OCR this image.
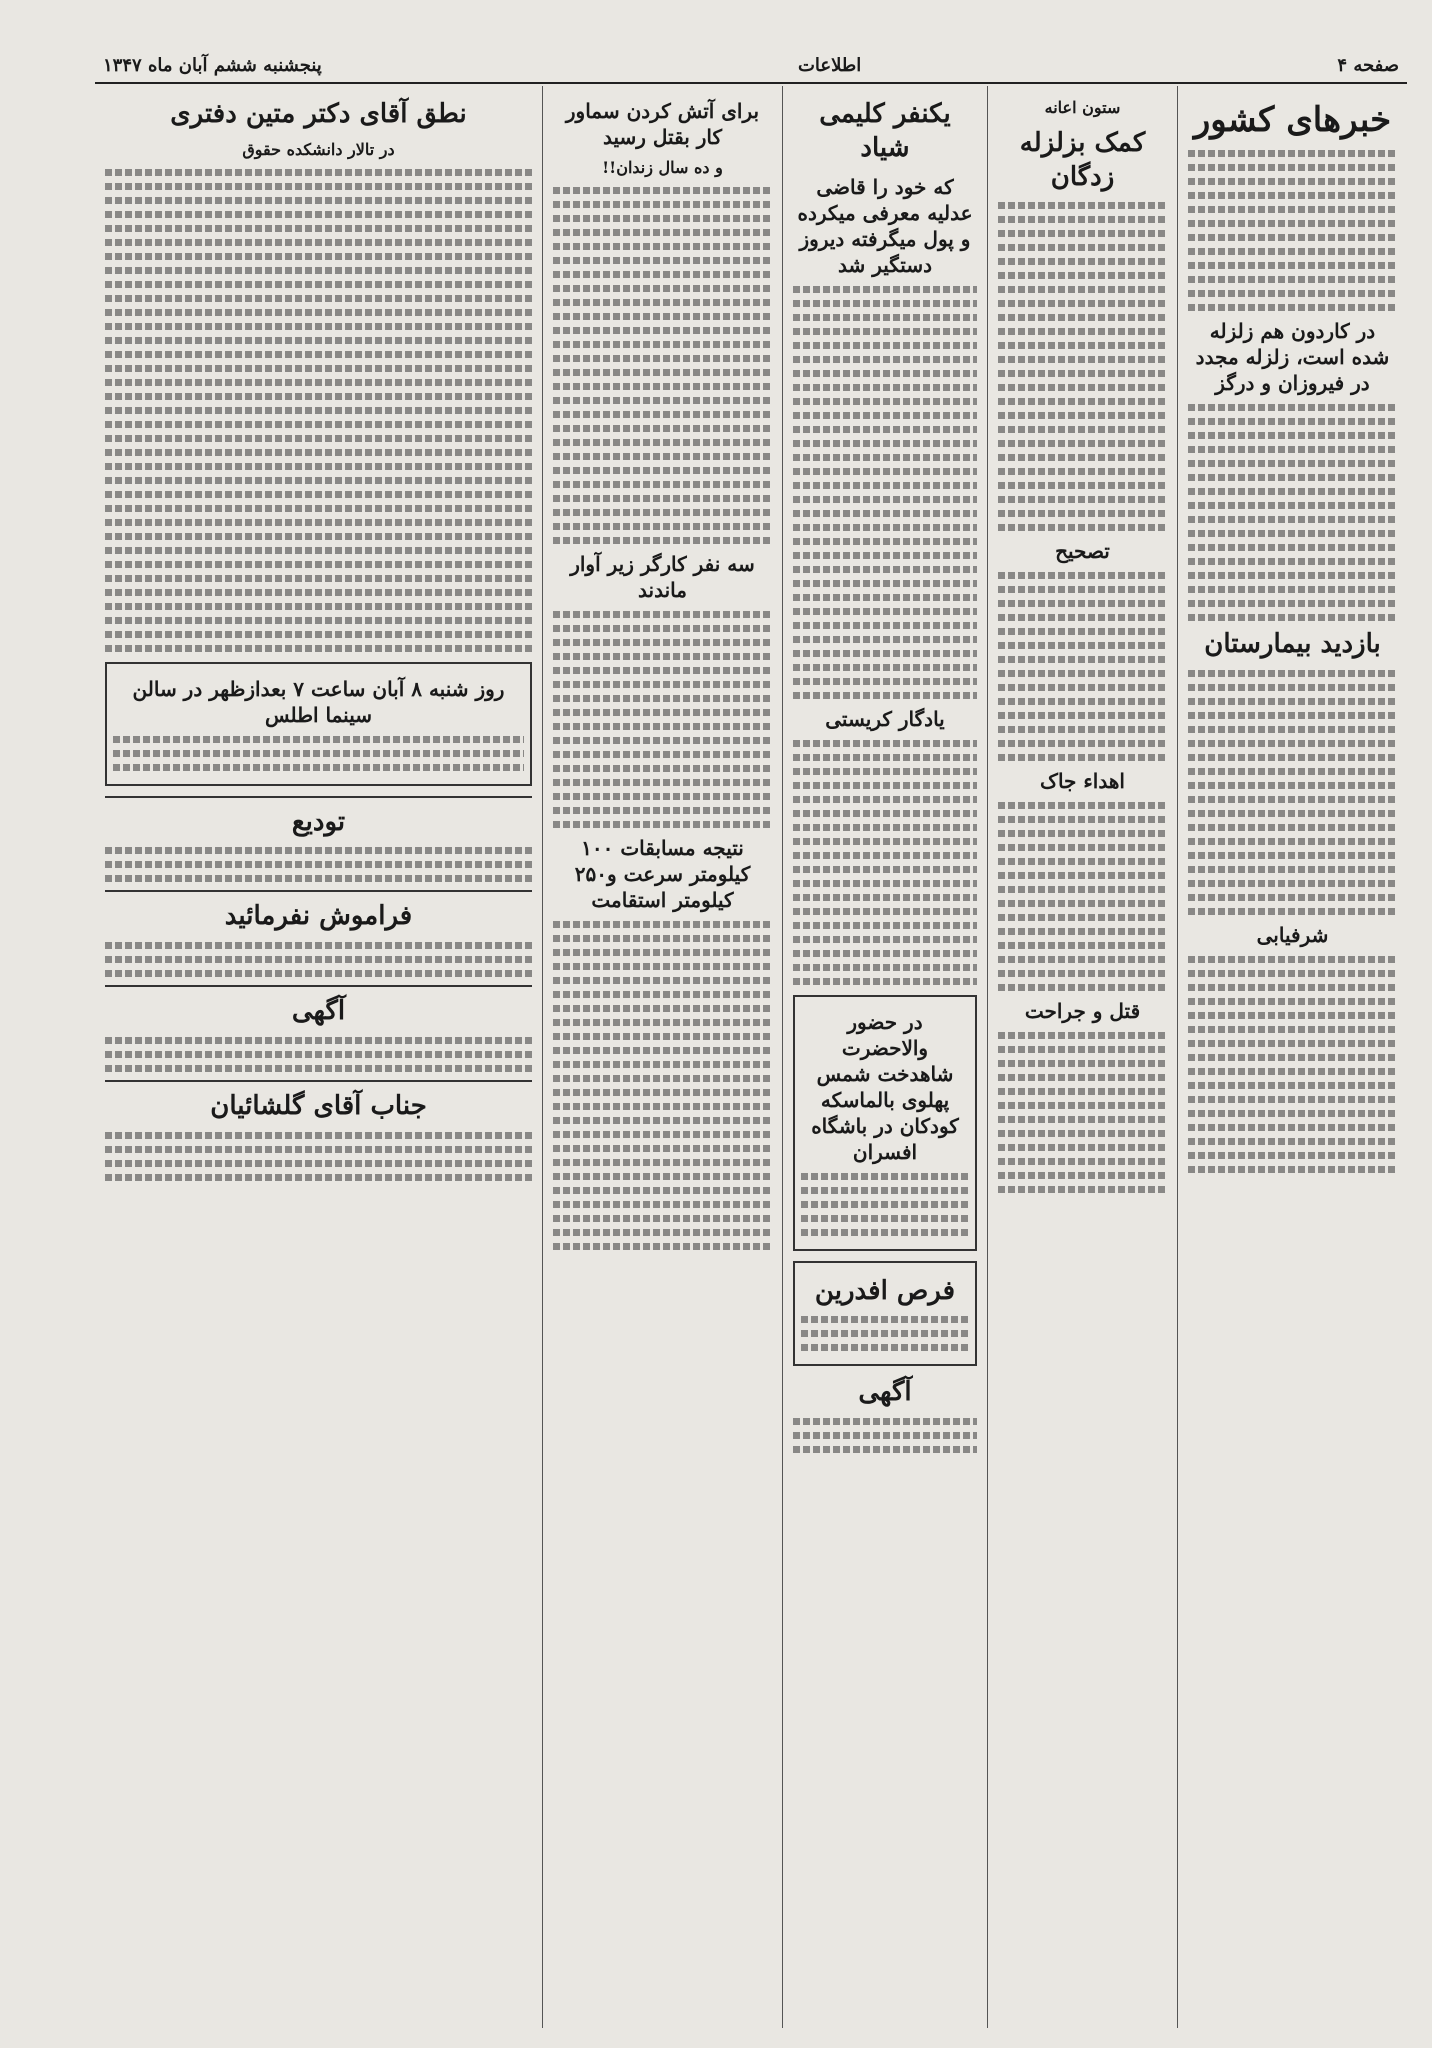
صفحه ۴
اطلاعات
پنجشنبه ششم آبان ماه ۱۳۴۷
خبرهای کشور
در کاردون هم زلزله شده است، زلزله مجدد در فیروزان و درگز
بازدید بیمارستان
شرفیابی
ستون اعانه
کمک بزلزله زدگان
تصحیح
اهداء جاک
قتل و جراحت
یکنفر کلیمی شیاد
که خود را قاضی عدلیه معرفی میکرده و پول میگرفته دیروز دستگیر شد
یادگار کریستی
در حضور والاحضرت شاهدخت شمس پهلوی بالماسکه کودکان در باشگاه افسران
فرص افدرین
آگهی
برای آتش کردن سماور کار بقتل رسید
و ده سال زندان!!
سه نفر کارگر زیر آوار ماندند
نتیجه مسابقات ۱۰۰ کیلومتر سرعت و۲۵۰ کیلومتر استقامت
نطق آقای دکتر متین دفتری
در تالار دانشکده حقوق
روز شنبه ۸ آبان ساعت ۷ بعدازظهر در سالن سینما اطلس
توديع
فراموش نفرمائید
آگهی
جناب آقای گلشائیان
